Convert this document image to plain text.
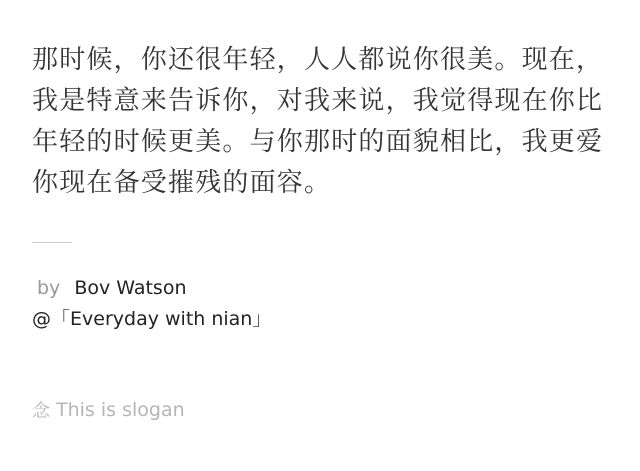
那时候，你还很年轻，人人都说你很美。现在，我是特意来告诉你，对我来说，我觉得现在你比年轻的时候更美。与你那时的面貌相比，我更爱你现在备受摧残的面容。

by Bov Watson
@ 「 Everyday with nian 」
念 This is slogan
